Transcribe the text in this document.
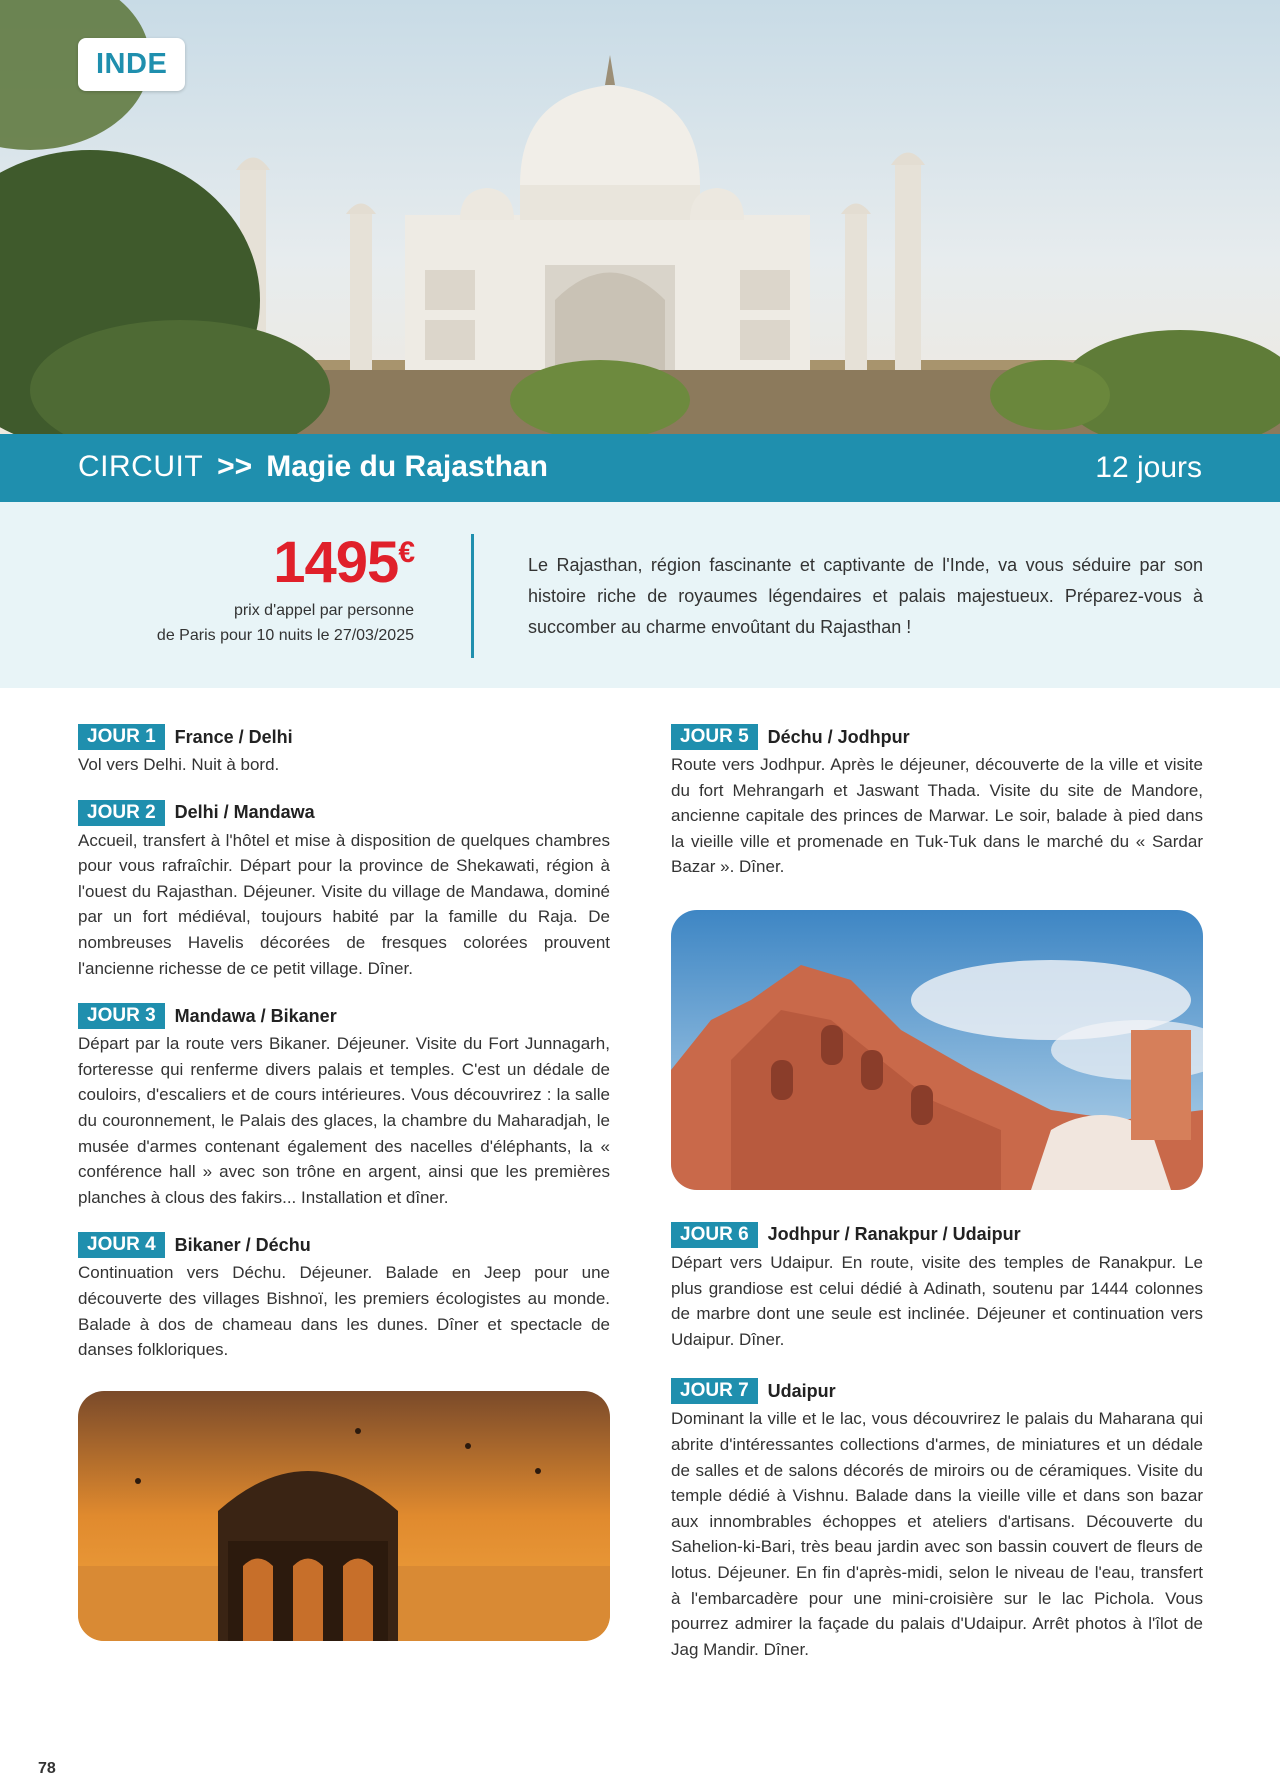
INDE
CIRCUIT >> Magie du Rajasthan	12 jours
1495€
prix d'appel par personne
de Paris pour 10 nuits le 27/03/2025

Le Rajasthan, région fascinante et captivante de l'Inde, va vous séduire par son histoire riche de royaumes légendaires et palais majestueux. Préparez-vous à succomber au charme envoûtant du Rajasthan !

JOUR 1	France / Delhi

Vol vers Delhi. Nuit à bord.

JOUR 2	Delhi / Mandawa

Accueil, transfert à l'hôtel et mise à disposition de quelques chambres pour vous rafraîchir. Départ pour la province de Shekawati, région à l'ouest du Rajasthan. Déjeuner. Visite du village de Mandawa, dominé par un fort médiéval, toujours habité par la famille du Raja. De nombreuses Havelis décorées de fresques colorées prouvent l'ancienne richesse de ce petit village. Dîner.

JOUR 3	Mandawa / Bikaner

Départ par la route vers Bikaner. Déjeuner. Visite du Fort Junnagarh, forteresse qui renferme divers palais et temples. C'est un dédale de couloirs, d'escaliers et de cours intérieures. Vous découvrirez : la salle du couronnement, le Palais des glaces, la chambre du Maharadjah, le musée d'armes contenant également des nacelles d'éléphants, la « conférence hall » avec son trône en argent, ainsi que les premières planches à clous des fakirs... Installation et dîner.

JOUR 4	Bikaner / Déchu

Continuation vers Déchu. Déjeuner. Balade en Jeep pour une découverte des villages Bishnoï, les premiers écologistes au monde. Balade à dos de chameau dans les dunes. Dîner et spectacle de danses folkloriques.

JOUR 5	Déchu / Jodhpur

Route vers Jodhpur. Après le déjeuner, découverte de la ville et visite du fort Mehrangarh et Jaswant Thada. Visite du site de Mandore, ancienne capitale des princes de Marwar. Le soir, balade à pied dans la vieille ville et promenade en Tuk-Tuk dans le marché du « Sardar Bazar ». Dîner.

JOUR 6	Jodhpur / Ranakpur / Udaipur

Départ vers Udaipur. En route, visite des temples de Ranakpur. Le plus grandiose est celui dédié à Adinath, soutenu par 1444 colonnes de marbre dont une seule est inclinée. Déjeuner et continuation vers Udaipur. Dîner.

JOUR 7	Udaipur

Dominant la ville et le lac, vous découvrirez le palais du Maharana qui abrite d'intéressantes collections d'armes, de miniatures et un dédale de salles et de salons décorés de miroirs ou de céramiques. Visite du temple dédié à Vishnu. Balade dans la vieille ville et dans son bazar aux innombrables échoppes et ateliers d'artisans. Découverte du Sahelion-ki-Bari, très beau jardin avec son bassin couvert de fleurs de lotus. Déjeuner. En fin d'après-midi, selon le niveau de l'eau, transfert à l'embarcadère pour une mini-croisière sur le lac Pichola. Vous pourrez admirer la façade du palais d'Udaipur. Arrêt photos à l'îlot de Jag Mandir. Dîner.

78
